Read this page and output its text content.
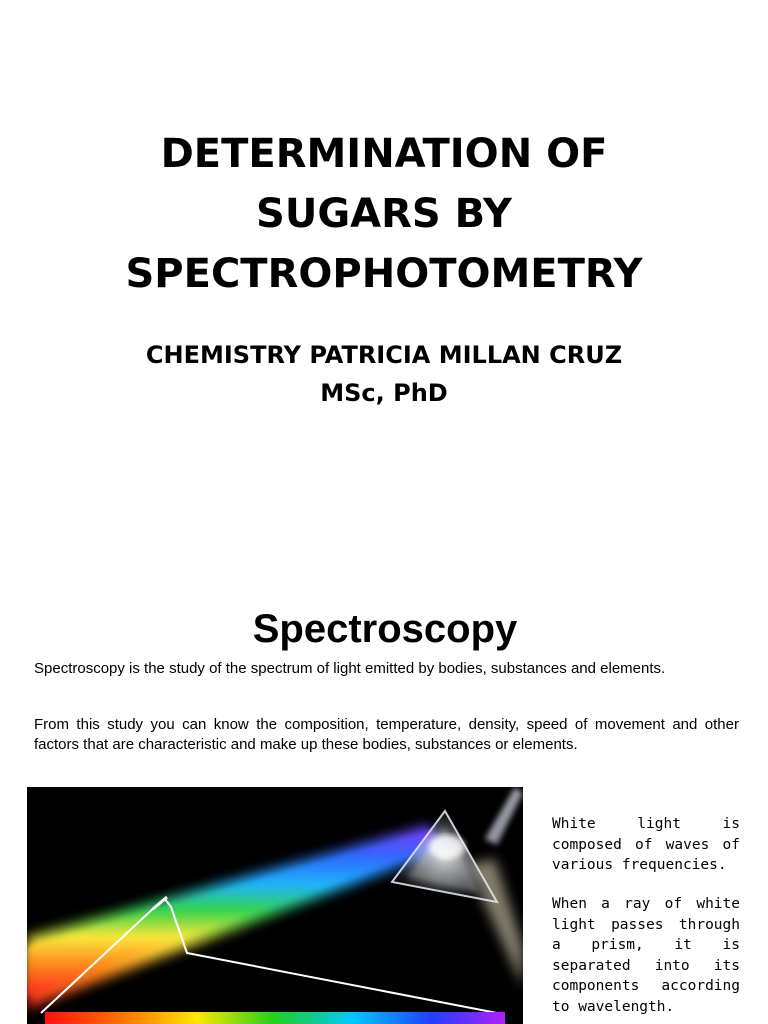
DETERMINATION OF
SUGARS BY
SPECTROPHOTOMETRY
CHEMISTRY PATRICIA MILLAN CRUZ
MSc, PhD
Spectroscopy

Spectroscopy is the study of the spectrum of light emitted by bodies, substances and elements.

From this study you can know the composition, temperature, density, speed of movement and other factors that are characteristic and make up these bodies, substances or elements.

White light is composed of waves of various frequencies.

When a ray of white light passes through a prism, it is separated into its components according to wavelength.
